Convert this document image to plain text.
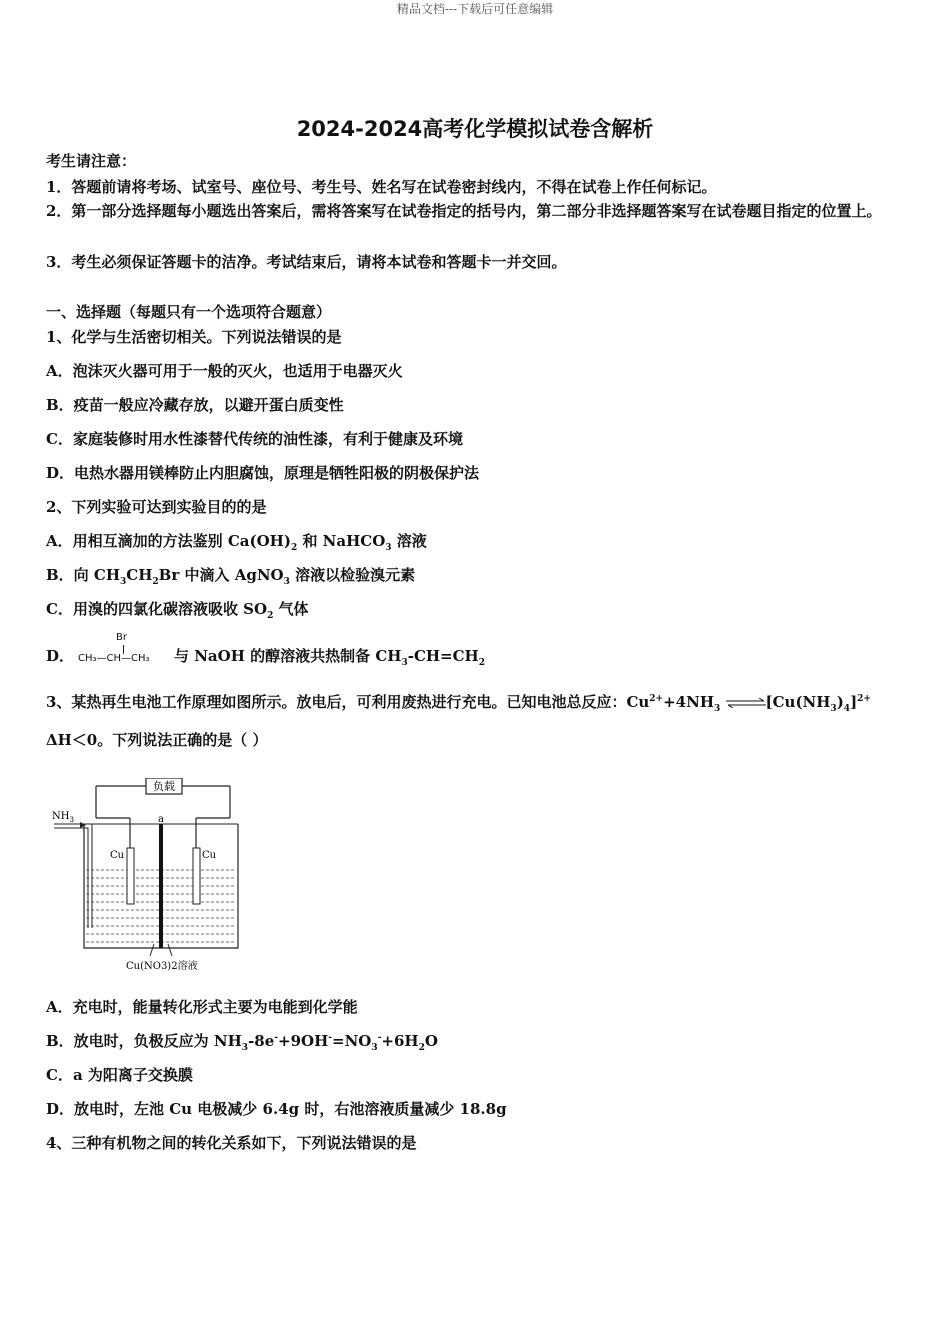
精品文档---下载后可任意编辑
2024-2024高考化学模拟试卷含解析
考生请注意：
1．答题前请将考场、试室号、座位号、考生号、姓名写在试卷密封线内，不得在试卷上作任何标记。
2．第一部分选择题每小题选出答案后，需将答案写在试卷指定的括号内，第二部分非选择题答案写在试卷题目指定的位置上。
3．考生必须保证答题卡的洁净。考试结束后，请将本试卷和答题卡一并交回。
一、选择题（每题只有一个选项符合题意）
1、化学与生活密切相关。下列说法错误的是
A．泡沫灭火器可用于一般的灭火，也适用于电器灭火
B．疫苗一般应冷藏存放，以避开蛋白质变性
C．家庭装修时用水性漆替代传统的油性漆，有利于健康及环境
D．电热水器用镁棒防止内胆腐蚀，原理是牺牲阳极的阴极保护法
2、下列实验可达到实验目的的是
A．用相互滴加的方法鉴别 $Ca(OH)_2$ 和 NaHCO$_3$ 溶液
B．向 $CH_3CH_2Br$ 中滴入 AgNO$_3$ 溶液以检验溴元素
C．用溴的四氯化碳溶液吸收 $SO_2$ 气体
D．
Br
CH₃—CH—CH₃ 与 NaOH 的醇溶液共热制备 $CH_3-CH=CH_2$
3、某热再生电池工作原理如图所示。放电后，可利用废热进行充电。已知电池总反应：$Cu^{2+}+4NH_3$ $\rightleftharpoons[Cu(NH_3)_4]^{2+}$
ΔH＜0。下列说法正确的是（ ）
负载
$NH_3$	a
Cu	Cu
Cu(NO3)2溶液
A．充电时，能量转化形式主要为电能到化学能
B．放电时，负极反应为 $NH_3-8e^-+9OH^-=NO_3^-+6H_2O$
C．a 为阳离子交换膜
D．放电时，左池 Cu 电极减少 6.4g 时，右池溶液质量减少 18.8g
4、三种有机物之间的转化关系如下，下列说法错误的是
